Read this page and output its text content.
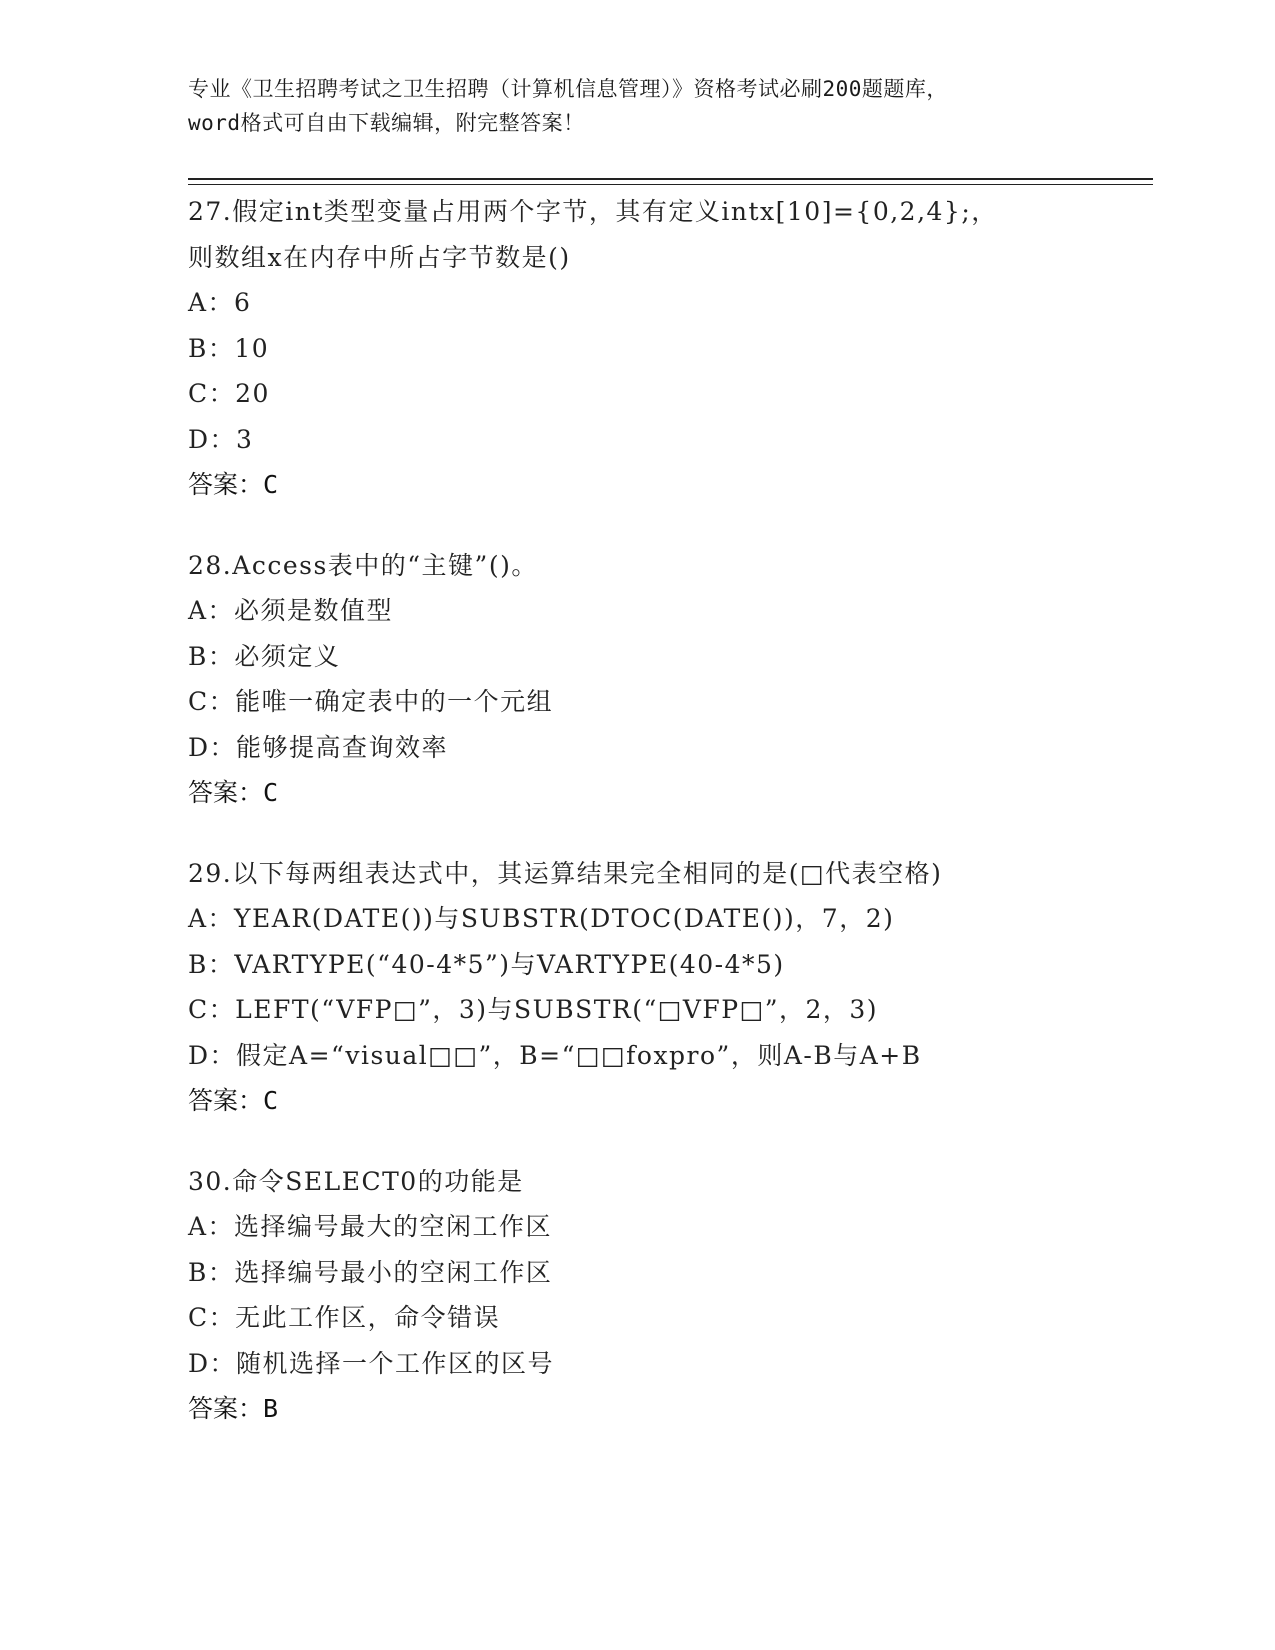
专业《卫生招聘考试之卫生招聘（计算机信息管理）》资格考试必刷200题题库，
word格式可自由下载编辑，附完整答案！
27.假定int类型变量占用两个字节，其有定义intx[10]={0,2,4};，
则数组x在内存中所占字节数是()
A：6
B：10
C：20
D：3
答案：C
28.Access表中的“主键”()。
A：必须是数值型
B：必须定义
C：能唯一确定表中的一个元组
D：能够提高查询效率
答案：C
29.以下每两组表达式中，其运算结果完全相同的是(□代表空格)
A：YEAR(DATE())与SUBSTR(DTOC(DATE())，7，2)
B：VARTYPE(“40-4*5”)与VARTYPE(40-4*5)
C：LEFT(“VFP□”，3)与SUBSTR(“□VFP□”，2，3)
D：假定A=“visual□□”，B=“□□foxpro”，则A-B与A+B
答案：C
30.命令SELECT0的功能是
A：选择编号最大的空闲工作区
B：选择编号最小的空闲工作区
C：无此工作区，命令错误
D：随机选择一个工作区的区号
答案：B
